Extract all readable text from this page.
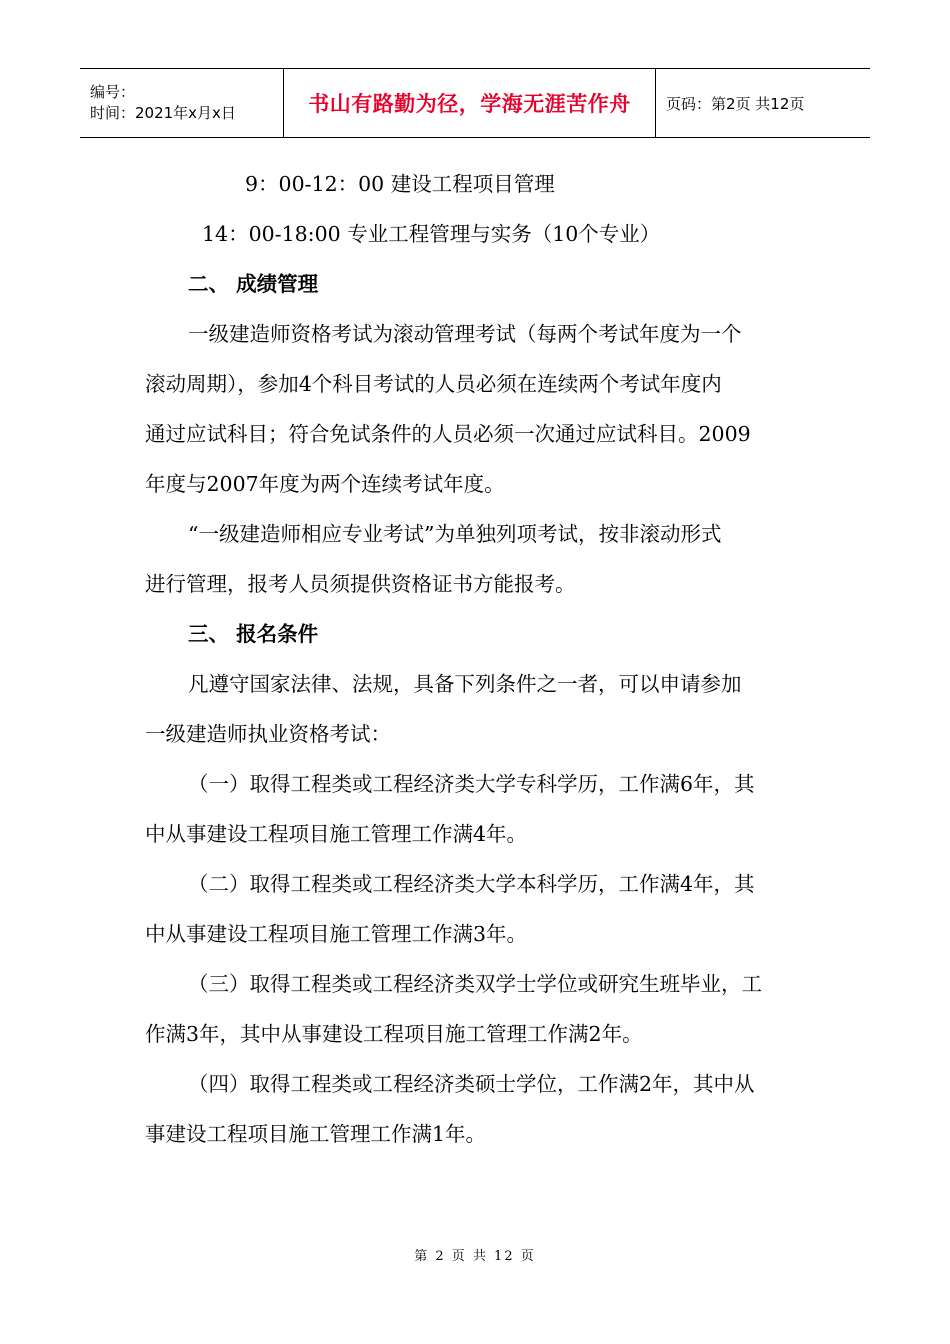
编号：
时间：2021年x月x日	书山有路勤为径，学海无涯苦作舟	页码：第2页 共12页
9：00-12：00 建设工程项目管理
14：00-18:00 专业工程管理与实务（10个专业）
二、 成绩管理
一级建造师资格考试为滚动管理考试（每两个考试年度为一个
滚动周期），参加4个科目考试的人员必须在连续两个考试年度内
通过应试科目；符合免试条件的人员必须一次通过应试科目。2009
年度与2007年度为两个连续考试年度。
“一级建造师相应专业考试”为单独列项考试，按非滚动形式
进行管理，报考人员须提供资格证书方能报考。
三、 报名条件
凡遵守国家法律、法规，具备下列条件之一者，可以申请参加
一级建造师执业资格考试：
（一）取得工程类或工程经济类大学专科学历，工作满6年，其
中从事建设工程项目施工管理工作满4年。
（二）取得工程类或工程经济类大学本科学历，工作满4年，其
中从事建设工程项目施工管理工作满3年。
（三）取得工程类或工程经济类双学士学位或研究生班毕业，工
作满3年，其中从事建设工程项目施工管理工作满2年。
（四）取得工程类或工程经济类硕士学位，工作满2年，其中从
事建设工程项目施工管理工作满1年。
第 2 页 共 12 页
